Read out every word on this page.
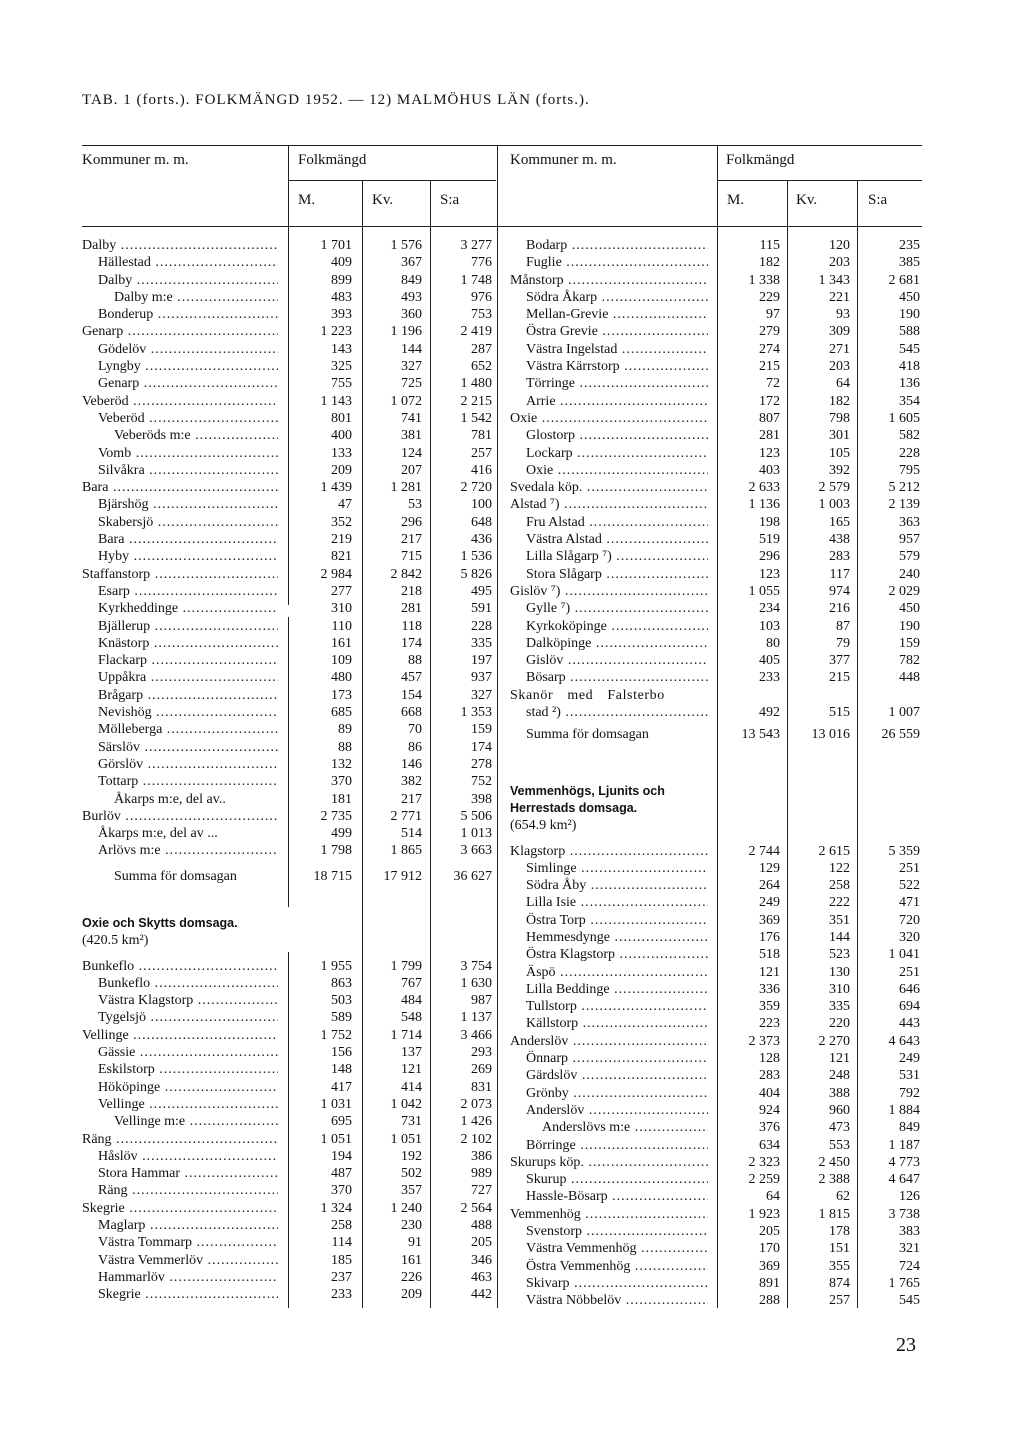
TAB. 1 (forts.). FOLKMÄNGD 1952. — 12) MALMÖHUS LÄN (forts.).
Kommuner m. m.	Folkmängd
M.	Kv.	S:a
Kommuner m. m.	Folkmängd
M.	Kv.	S:a
Dalby .....	1 701	1 576	3 277
Hällestad .....	409	367	776
Dalby .....	899	849	1 748
Dalby m:e .....	483	493	976
Bonderup .....	393	360	753
Genarp .....	1 223	1 196	2 419
Gödelöv .....	143	144	287
Lyngby .....	325	327	652
Genarp .....	755	725	1 480
Veberöd .....	1 143	1 072	2 215
Veberöd .....	801	741	1 542
Veberöds m:e .....	400	381	781
Vomb .....	133	124	257
Silvåkra .....	209	207	416
Bara .....	1 439	1 281	2 720
Bjärshög .....	47	53	100
Skabersjö .....	352	296	648
Bara .....	219	217	436
Hyby .....	821	715	1 536
Staffanstorp .....	2 984	2 842	5 826
Esarp .....	277	218	495
Kyrkheddinge .....	310	281	591
Bjällerup .....	110	118	228
Knästorp .....	161	174	335
Flackarp .....	109	88	197
Uppåkra .....	480	457	937
Brågarp .....	173	154	327
Nevishög .....	685	668	1 353
Mölleberga .....	89	70	159
Särslöv .....	88	86	174
Görslöv .....	132	146	278
Tottarp .....	370	382	752
Åkarps m:e, del av..	181	217	398
Burlöv .....	2 735	2 771	5 506
Åkarps m:e, del av ...	499	514	1 013
Arlövs m:e .....	1 798	1 865	3 663
Summa för domsagan	18 715	17 912	36 627
Oxie och Skytts domsaga.
(420.5 km²)
Bunkeflo .....	1 955	1 799	3 754
Bunkeflo .....	863	767	1 630
Västra Klagstorp .....	503	484	987
Tygelsjö .....	589	548	1 137
Vellinge .....	1 752	1 714	3 466
Gässie .....	156	137	293
Eskilstorp .....	148	121	269
Hököpinge .....	417	414	831
Vellinge .....	1 031	1 042	2 073
Vellinge m:e .....	695	731	1 426
Räng .....	1 051	1 051	2 102
Håslöv .....	194	192	386
Stora Hammar .....	487	502	989
Räng .....	370	357	727
Skegrie .....	1 324	1 240	2 564
Maglarp .....	258	230	488
Västra Tommarp .....	114	91	205
Västra Vemmerlöv .....	185	161	346
Hammarlöv .....	237	226	463
Skegrie .....	233	209	442
Bodarp .....	115	120	235
Fuglie .....	182	203	385
Månstorp .....	1 338	1 343	2 681
Södra Åkarp .....	229	221	450
Mellan-Grevie .....	97	93	190
Östra Grevie .....	279	309	588
Västra Ingelstad .....	274	271	545
Västra Kärrstorp .....	215	203	418
Törringe .....	72	64	136
Arrie .....	172	182	354
Oxie .....	807	798	1 605
Glostorp .....	281	301	582
Lockarp .....	123	105	228
Oxie .....	403	392	795
Svedala köp. .....	2 633	2 579	5 212
Alstad ⁷) .....	1 136	1 003	2 139
Fru Alstad .....	198	165	363
Västra Alstad .....	519	438	957
Lilla Slågarp ⁷) .....	296	283	579
Stora Slågarp .....	123	117	240
Gislöv ⁷) .....	1 055	974	2 029
Gylle ⁷) .....	234	216	450
Kyrkoköpinge .....	103	87	190
Dalköpinge .....	80	79	159
Gislöv .....	405	377	782
Bösarp .....	233	215	448
Skanör med Falsterbo
stad ²) .....	492	515	1 007
Summa för domsagan	13 543	13 016	26 559
Vemmenhögs, Ljunits och
Herrestads domsaga.
(654.9 km²)
Klagstorp .....	2 744	2 615	5 359
Simlinge .....	129	122	251
Södra Åby .....	264	258	522
Lilla Isie .....	249	222	471
Östra Torp .....	369	351	720
Hemmesdynge .....	176	144	320
Östra Klagstorp .....	518	523	1 041
Äspö .....	121	130	251
Lilla Beddinge .....	336	310	646
Tullstorp .....	359	335	694
Källstorp .....	223	220	443
Anderslöv .....	2 373	2 270	4 643
Önnarp .....	128	121	249
Gärdslöv .....	283	248	531
Grönby .....	404	388	792
Anderslöv .....	924	960	1 884
Anderslövs m:e .....	376	473	849
Börringe .....	634	553	1 187
Skurups köp. .....	2 323	2 450	4 773
Skurup .....	2 259	2 388	4 647
Hassle-Bösarp .....	64	62	126
Vemmenhög .....	1 923	1 815	3 738
Svenstorp .....	205	178	383
Västra Vemmenhög .....	170	151	321
Östra Vemmenhög .....	369	355	724
Skivarp .....	891	874	1 765
Västra Nöbbelöv .....	288	257	545
23
